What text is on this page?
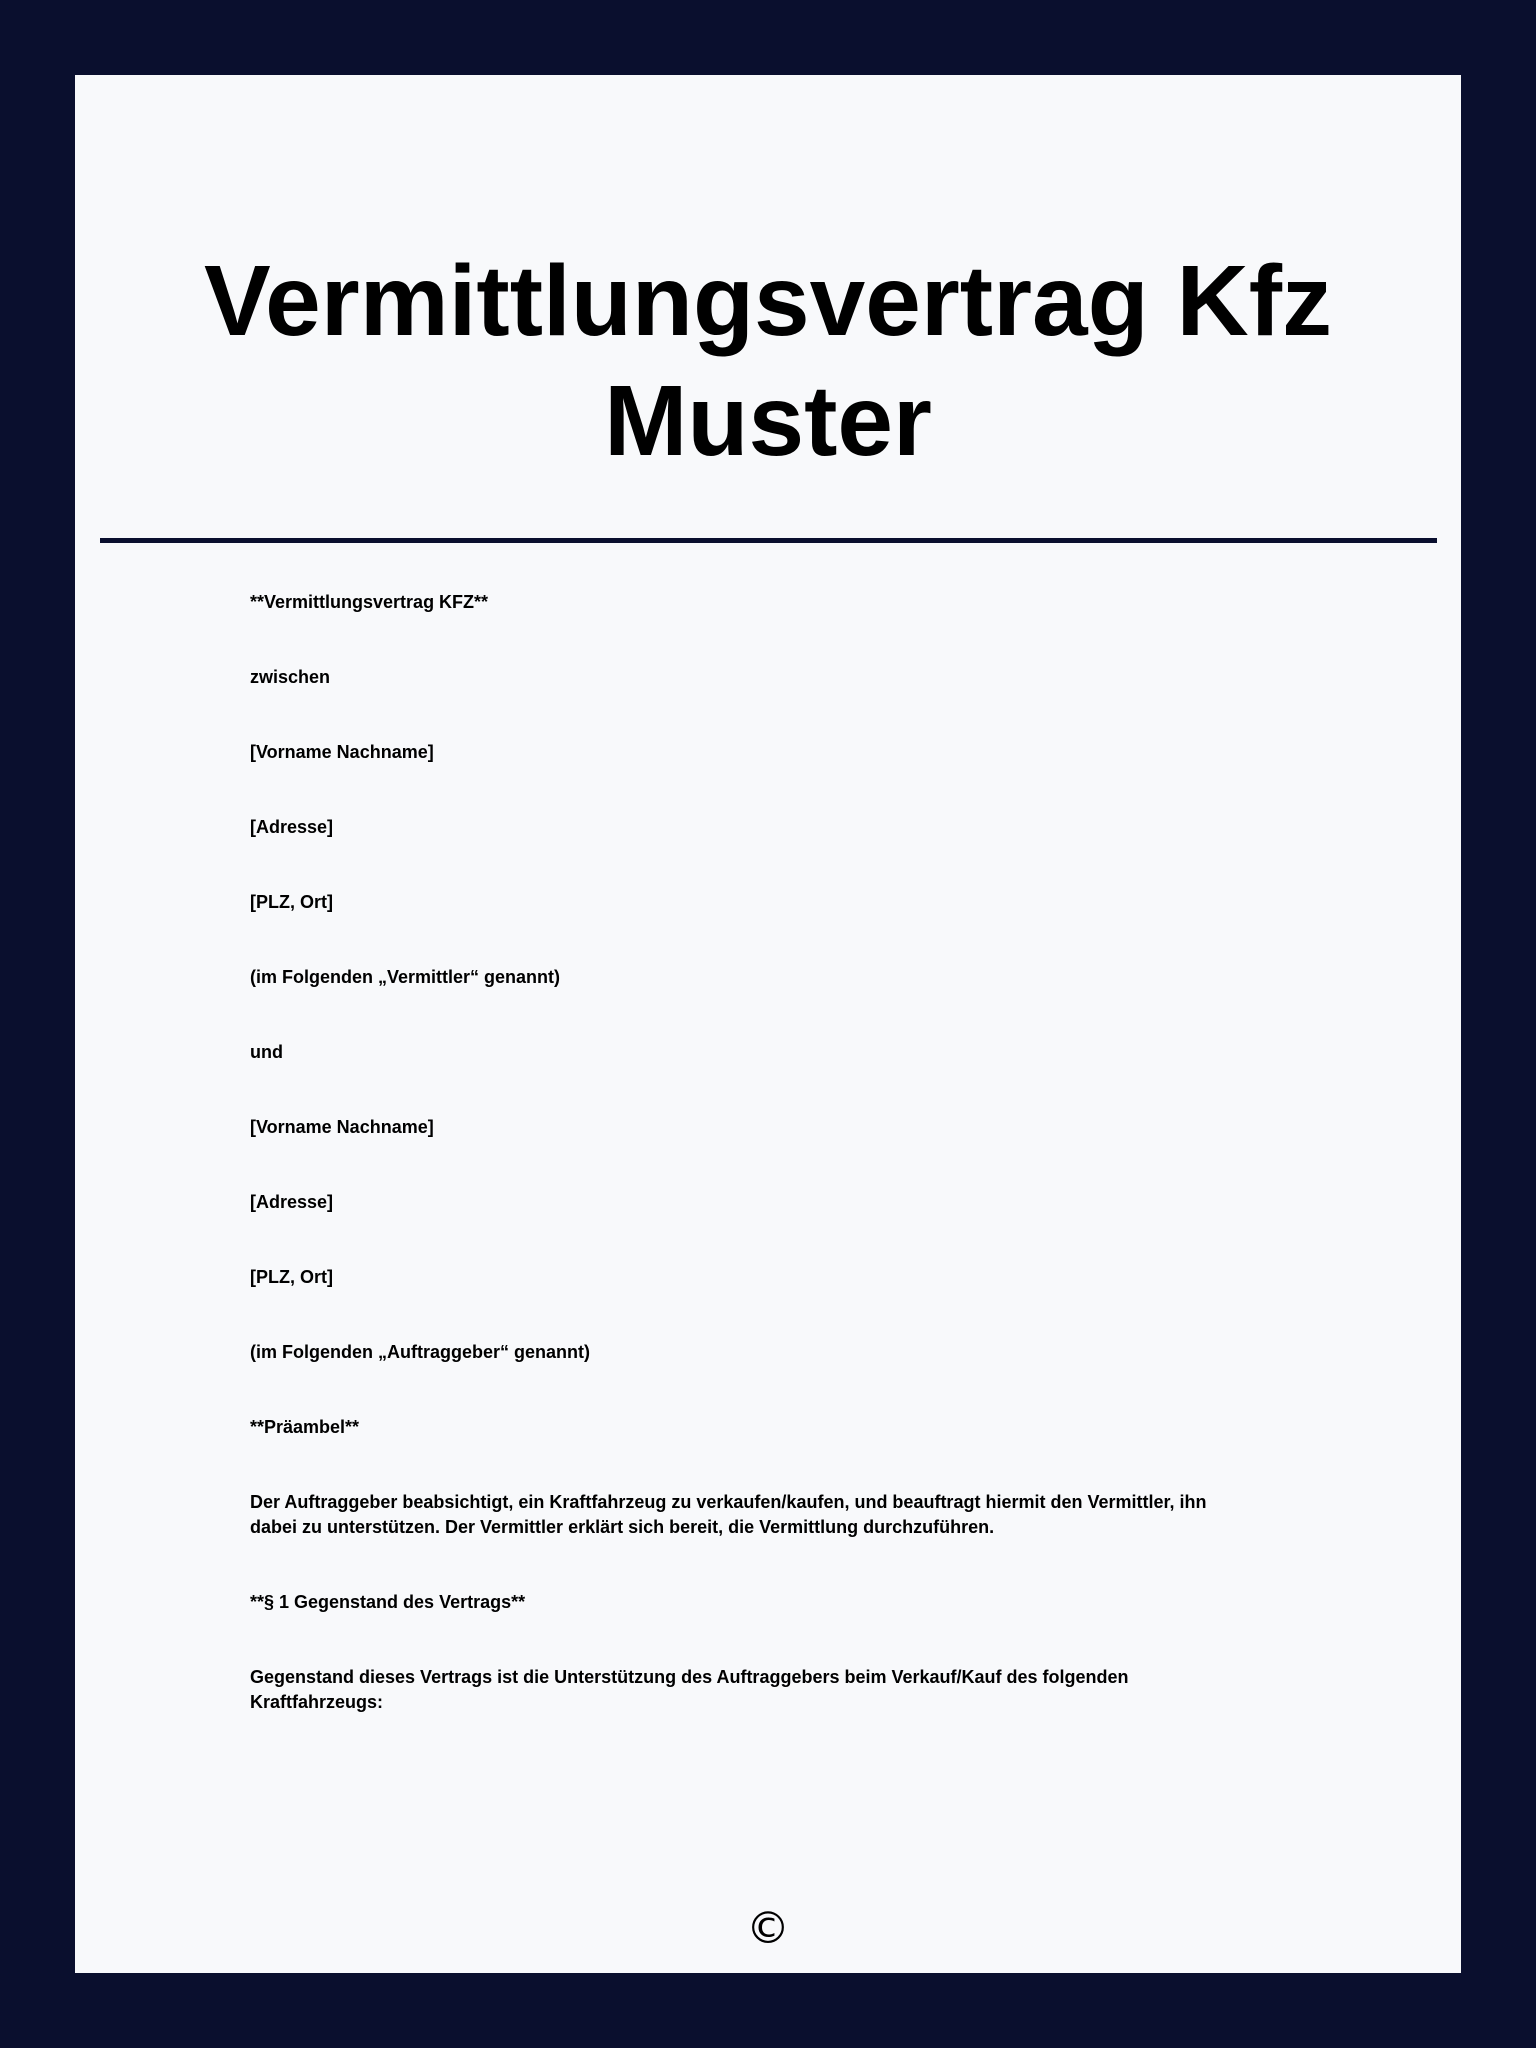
Vermittlungsvertrag Kfz
Muster

**Vermittlungsvertrag KFZ**

zwischen

[Vorname Nachname]

[Adresse]

[PLZ, Ort]

(im Folgenden „Vermittler“ genannt)

und

[Vorname Nachname]

[Adresse]

[PLZ, Ort]

(im Folgenden „Auftraggeber“ genannt)

**Präambel**

Der Auftraggeber beabsichtigt, ein Kraftfahrzeug zu verkaufen/kaufen, und beauftragt hiermit den Vermittler, ihn dabei zu unterstützen. Der Vermittler erklärt sich bereit, die Vermittlung durchzuführen.

**§ 1 Gegenstand des Vertrags**

Gegenstand dieses Vertrags ist die Unterstützung des Auftraggebers beim Verkauf/Kauf des folgenden Kraftfahrzeugs:

©
